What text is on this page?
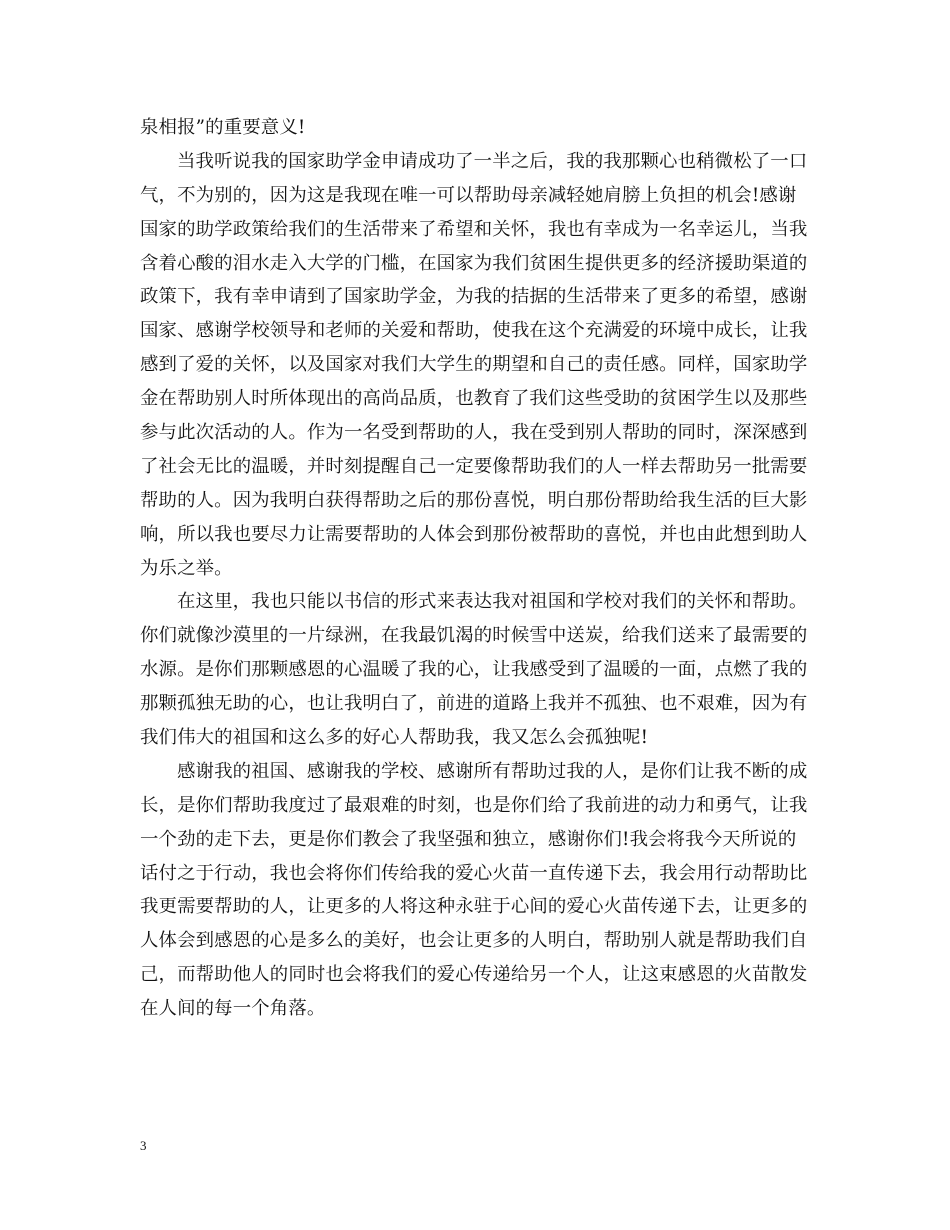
泉相报”的重要意义!
当我听说我的国家助学金申请成功了一半之后，我的我那颗心也稍微松了一口
气，不为别的，因为这是我现在唯一可以帮助母亲减轻她肩膀上负担的机会!感谢
国家的助学政策给我们的生活带来了希望和关怀，我也有幸成为一名幸运儿，当我
含着心酸的泪水走入大学的门槛，在国家为我们贫困生提供更多的经济援助渠道的
政策下，我有幸申请到了国家助学金，为我的拮据的生活带来了更多的希望，感谢
国家、感谢学校领导和老师的关爱和帮助，使我在这个充满爱的环境中成长，让我
感到了爱的关怀，以及国家对我们大学生的期望和自己的责任感。同样，国家助学
金在帮助别人时所体现出的高尚品质，也教育了我们这些受助的贫困学生以及那些
参与此次活动的人。作为一名受到帮助的人，我在受到别人帮助的同时，深深感到
了社会无比的温暖，并时刻提醒自己一定要像帮助我们的人一样去帮助另一批需要
帮助的人。因为我明白获得帮助之后的那份喜悦，明白那份帮助给我生活的巨大影
响，所以我也要尽力让需要帮助的人体会到那份被帮助的喜悦，并也由此想到助人
为乐之举。
在这里，我也只能以书信的形式来表达我对祖国和学校对我们的关怀和帮助。
你们就像沙漠里的一片绿洲，在我最饥渴的时候雪中送炭，给我们送来了最需要的
水源。是你们那颗感恩的心温暖了我的心，让我感受到了温暖的一面，点燃了我的
那颗孤独无助的心，也让我明白了，前进的道路上我并不孤独、也不艰难，因为有
我们伟大的祖国和这么多的好心人帮助我，我又怎么会孤独呢!
感谢我的祖国、感谢我的学校、感谢所有帮助过我的人，是你们让我不断的成
长，是你们帮助我度过了最艰难的时刻，也是你们给了我前进的动力和勇气，让我
一个劲的走下去，更是你们教会了我坚强和独立，感谢你们!我会将我今天所说的
话付之于行动，我也会将你们传给我的爱心火苗一直传递下去，我会用行动帮助比
我更需要帮助的人，让更多的人将这种永驻于心间的爱心火苗传递下去，让更多的
人体会到感恩的心是多么的美好，也会让更多的人明白，帮助别人就是帮助我们自
己，而帮助他人的同时也会将我们的爱心传递给另一个人，让这束感恩的火苗散发
在人间的每一个角落。
3
